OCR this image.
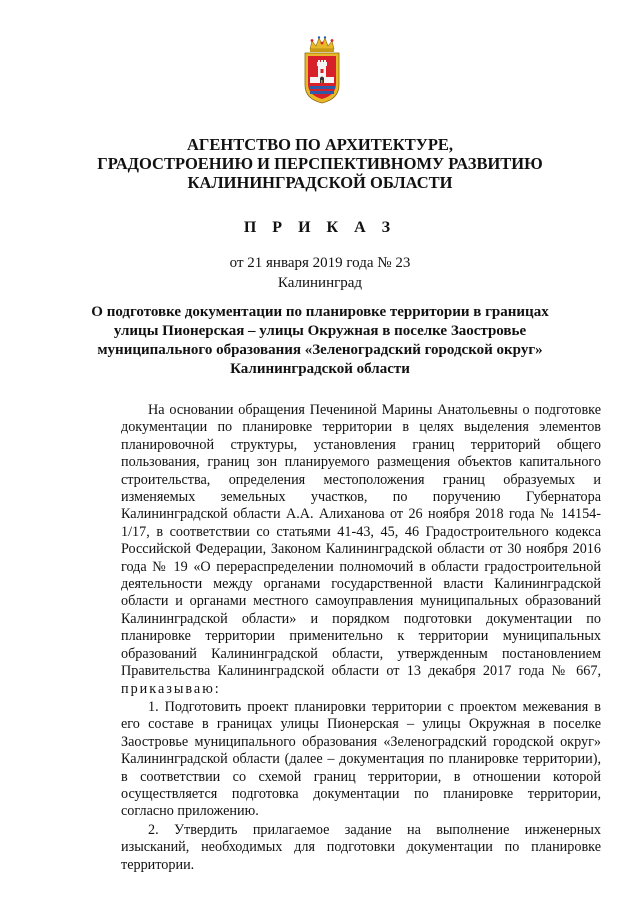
E
АГЕНТСТВО ПО АРХИТЕКТУРЕ,
ГРАДОСТРОЕНИЮ И ПЕРСПЕКТИВНОМУ РАЗВИТИЮ
КАЛИНИНГРАДСКОЙ ОБЛАСТИ
П Р И К А З
от 21 января 2019 года № 23
Калининград
О подготовке документации по планировке территории в границах
улицы Пионерская – улицы Окружная в поселке Заостровье
муниципального образования «Зеленоградский городской округ»
Калининградской области

На основании обращения Печениной Марины Анатольевны о подготовке документации по планировке территории в целях выделения элементов планировочной структуры, установления границ территорий общего пользования, границ зон планируемого размещения объектов капитального строительства, определения местоположения границ образуемых и изменяемых земельных участков, по поручению Губернатора Калининградской области А.А. Алиханова от 26 ноября 2018 года № 14154-1/17, в соответствии со статьями 41-43, 45, 46 Градостроительного кодекса Российской Федерации, Законом Калининградской области от 30 ноября 2016 года № 19 «О перераспределении полномочий в области градостроительной деятельности между органами государственной власти Калининградской области и органами местного самоуправления муниципальных образований Калининградской области» и порядком подготовки документации по планировке территории применительно к территории муниципальных образований Калининградской области, утвержденным постановлением Правительства Калининградской области от 13 декабря 2017 года № 667, приказываю:

1. Подготовить проект планировки территории с проектом межевания в его составе в границах улицы Пионерская – улицы Окружная в поселке Заостровье муниципального образования «Зеленоградский городской округ» Калининградской области (далее – документация по планировке территории), в соответствии со схемой границ территории, в отношении которой осуществляется подготовка документации по планировке территории, согласно приложению.

2. Утвердить прилагаемое задание на выполнение инженерных изысканий, необходимых для подготовки документации по планировке территории.
